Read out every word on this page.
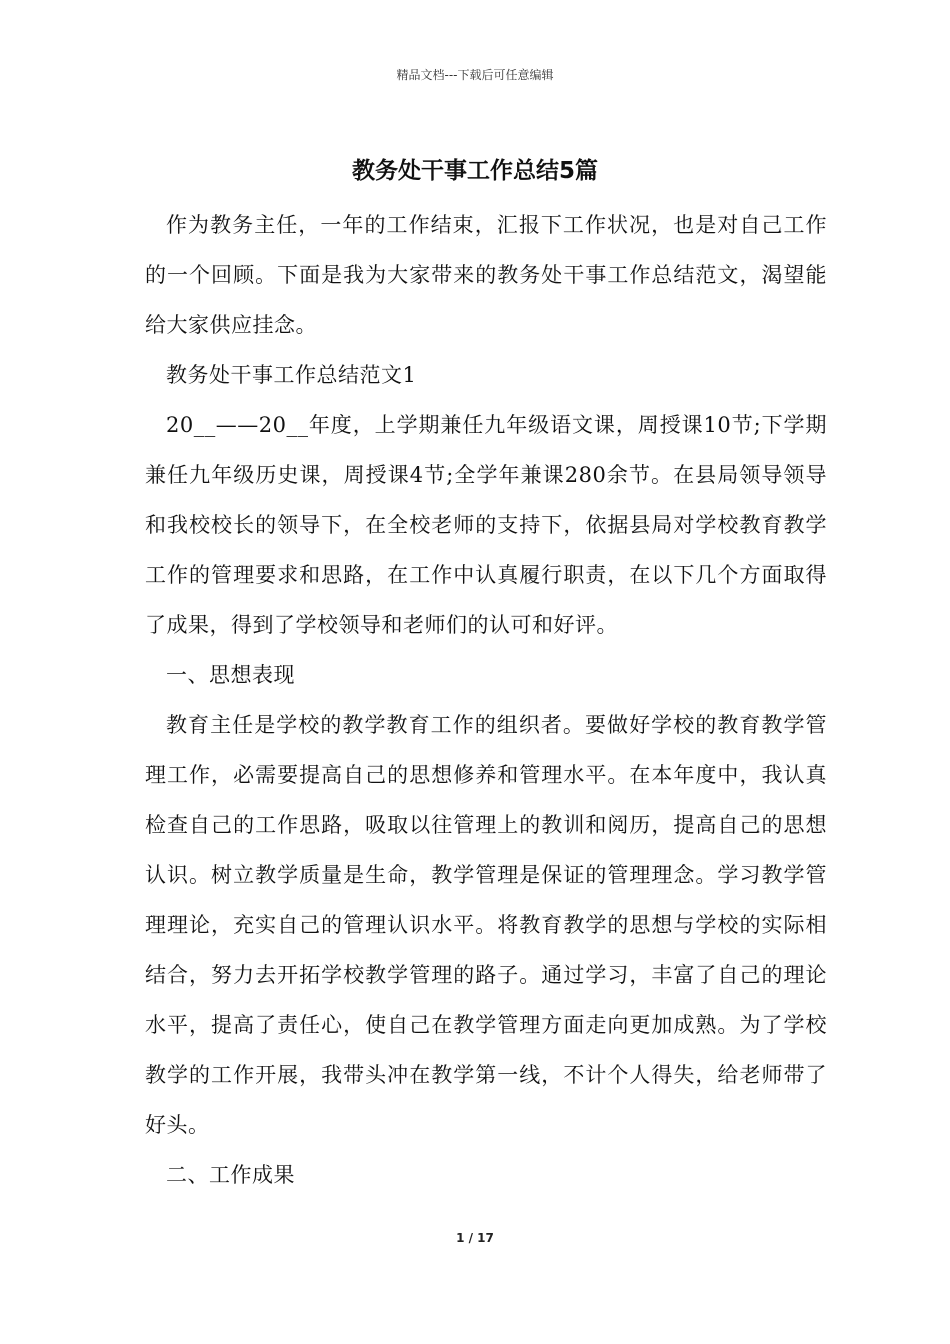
精品文档---下载后可任意编辑
教务处干事工作总结5篇

作为教务主任，一年的工作结束，汇报下工作状况，也是对自己工作的一个回顾。下面是我为大家带来的教务处干事工作总结范文，渴望能给大家供应挂念。

教务处干事工作总结范文1

20__——20__年度，上学期兼任九年级语文课，周授课10节;下学期兼任九年级历史课，周授课4节;全学年兼课280余节。在县局领导领导和我校校长的领导下，在全校老师的支持下，依据县局对学校教育教学工作的管理要求和思路，在工作中认真履行职责，在以下几个方面取得了成果，得到了学校领导和老师们的认可和好评。

一、思想表现

教育主任是学校的教学教育工作的组织者。要做好学校的教育教学管理工作，必需要提高自己的思想修养和管理水平。在本年度中，我认真检查自己的工作思路，吸取以往管理上的教训和阅历，提高自己的思想认识。树立教学质量是生命，教学管理是保证的管理理念。学习教学管理理论，充实自己的管理认识水平。将教育教学的思想与学校的实际相结合，努力去开拓学校教学管理的路子。通过学习，丰富了自己的理论水平，提高了责任心，使自己在教学管理方面走向更加成熟。为了学校教学的工作开展，我带头冲在教学第一线，不计个人得失，给老师带了好头。

二、工作成果

1 / 17
